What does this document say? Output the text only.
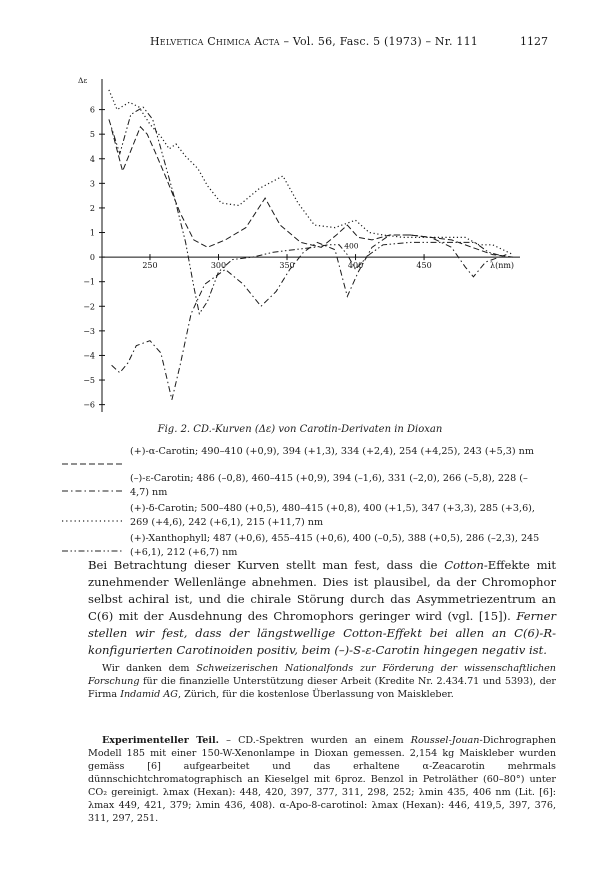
Helvetica Chimica Acta – Vol. 56, Fasc. 5 (1973) – Nr. 111	1127
6
5
4
3
2
1
0
−1
−2
−3
−4
−5
−6
250	300	350	400	450
Δε
λ(nm)
400
Fig. 2. CD.-Kurven (Δε) von Carotin-Derivaten in Dioxan
(+)-α-Carotin; 490–410 (+0,9), 394 (+1,3), 334 (+2,4), 254 (+4,25), 243 (+5,3) nm
(–)-ε-Carotin; 486 (–0,8), 460–415 (+0,9), 394 (–1,6), 331 (–2,0), 266 (–5,8), 228 (–4,7) nm
(+)-δ-Carotin; 500–480 (+0,5), 480–415 (+0,8), 400 (+1,5), 347 (+3,3), 285 (+3,6), 269 (+4,6), 242 (+6,1), 215 (+11,7) nm
(+)-Xanthophyll; 487 (+0,6), 455–415 (+0,6), 400 (–0,5), 388 (+0,5), 286 (–2,3), 245 (+6,1), 212 (+6,7) nm
Bei Betrachtung dieser Kurven stellt man fest, dass die Cotton-Effekte mit zunehmender Wellenlänge abnehmen. Dies ist plausibel, da der Chromophor selbst achiral ist, und die chirale Störung durch das Asymmetriezentrum an C(6) mit der Ausdehnung des Chromophors geringer wird (vgl. [15]). Ferner stellen wir fest, dass der längstwellige Cotton-Effekt bei allen an C(6)-R-konfigurierten Carotinoiden positiv, beim (–)-S-ε-Carotin hingegen negativ ist.
Wir danken dem Schweizerischen Nationalfonds zur Förderung der wissenschaftlichen Forschung für die finanzielle Unterstützung dieser Arbeit (Kredite Nr. 2.434.71 und 5393), der Firma Indamid AG, Zürich, für die kostenlose Überlassung von Maiskleber.
Experimenteller Teil. – CD.-Spektren wurden an einem Roussel-Jouan-Dichrographen Modell 185 mit einer 150-W-Xenonlampe in Dioxan gemessen. 2,154 kg Maiskleber wurden gemäss [6] aufgearbeitet und das erhaltene α-Zeacarotin mehrmals dünnschichtchromatographisch an Kieselgel mit 6proz. Benzol in Petroläther (60–80°) unter CO₂ gereinigt. λmax (Hexan): 448, 420, 397, 377, 311, 298, 252; λmin 435, 406 nm (Lit. [6]: λmax 449, 421, 379; λmin 436, 408). α-Apo-8-carotinol: λmax (Hexan): 446, 419,5, 397, 376, 311, 297, 251.
